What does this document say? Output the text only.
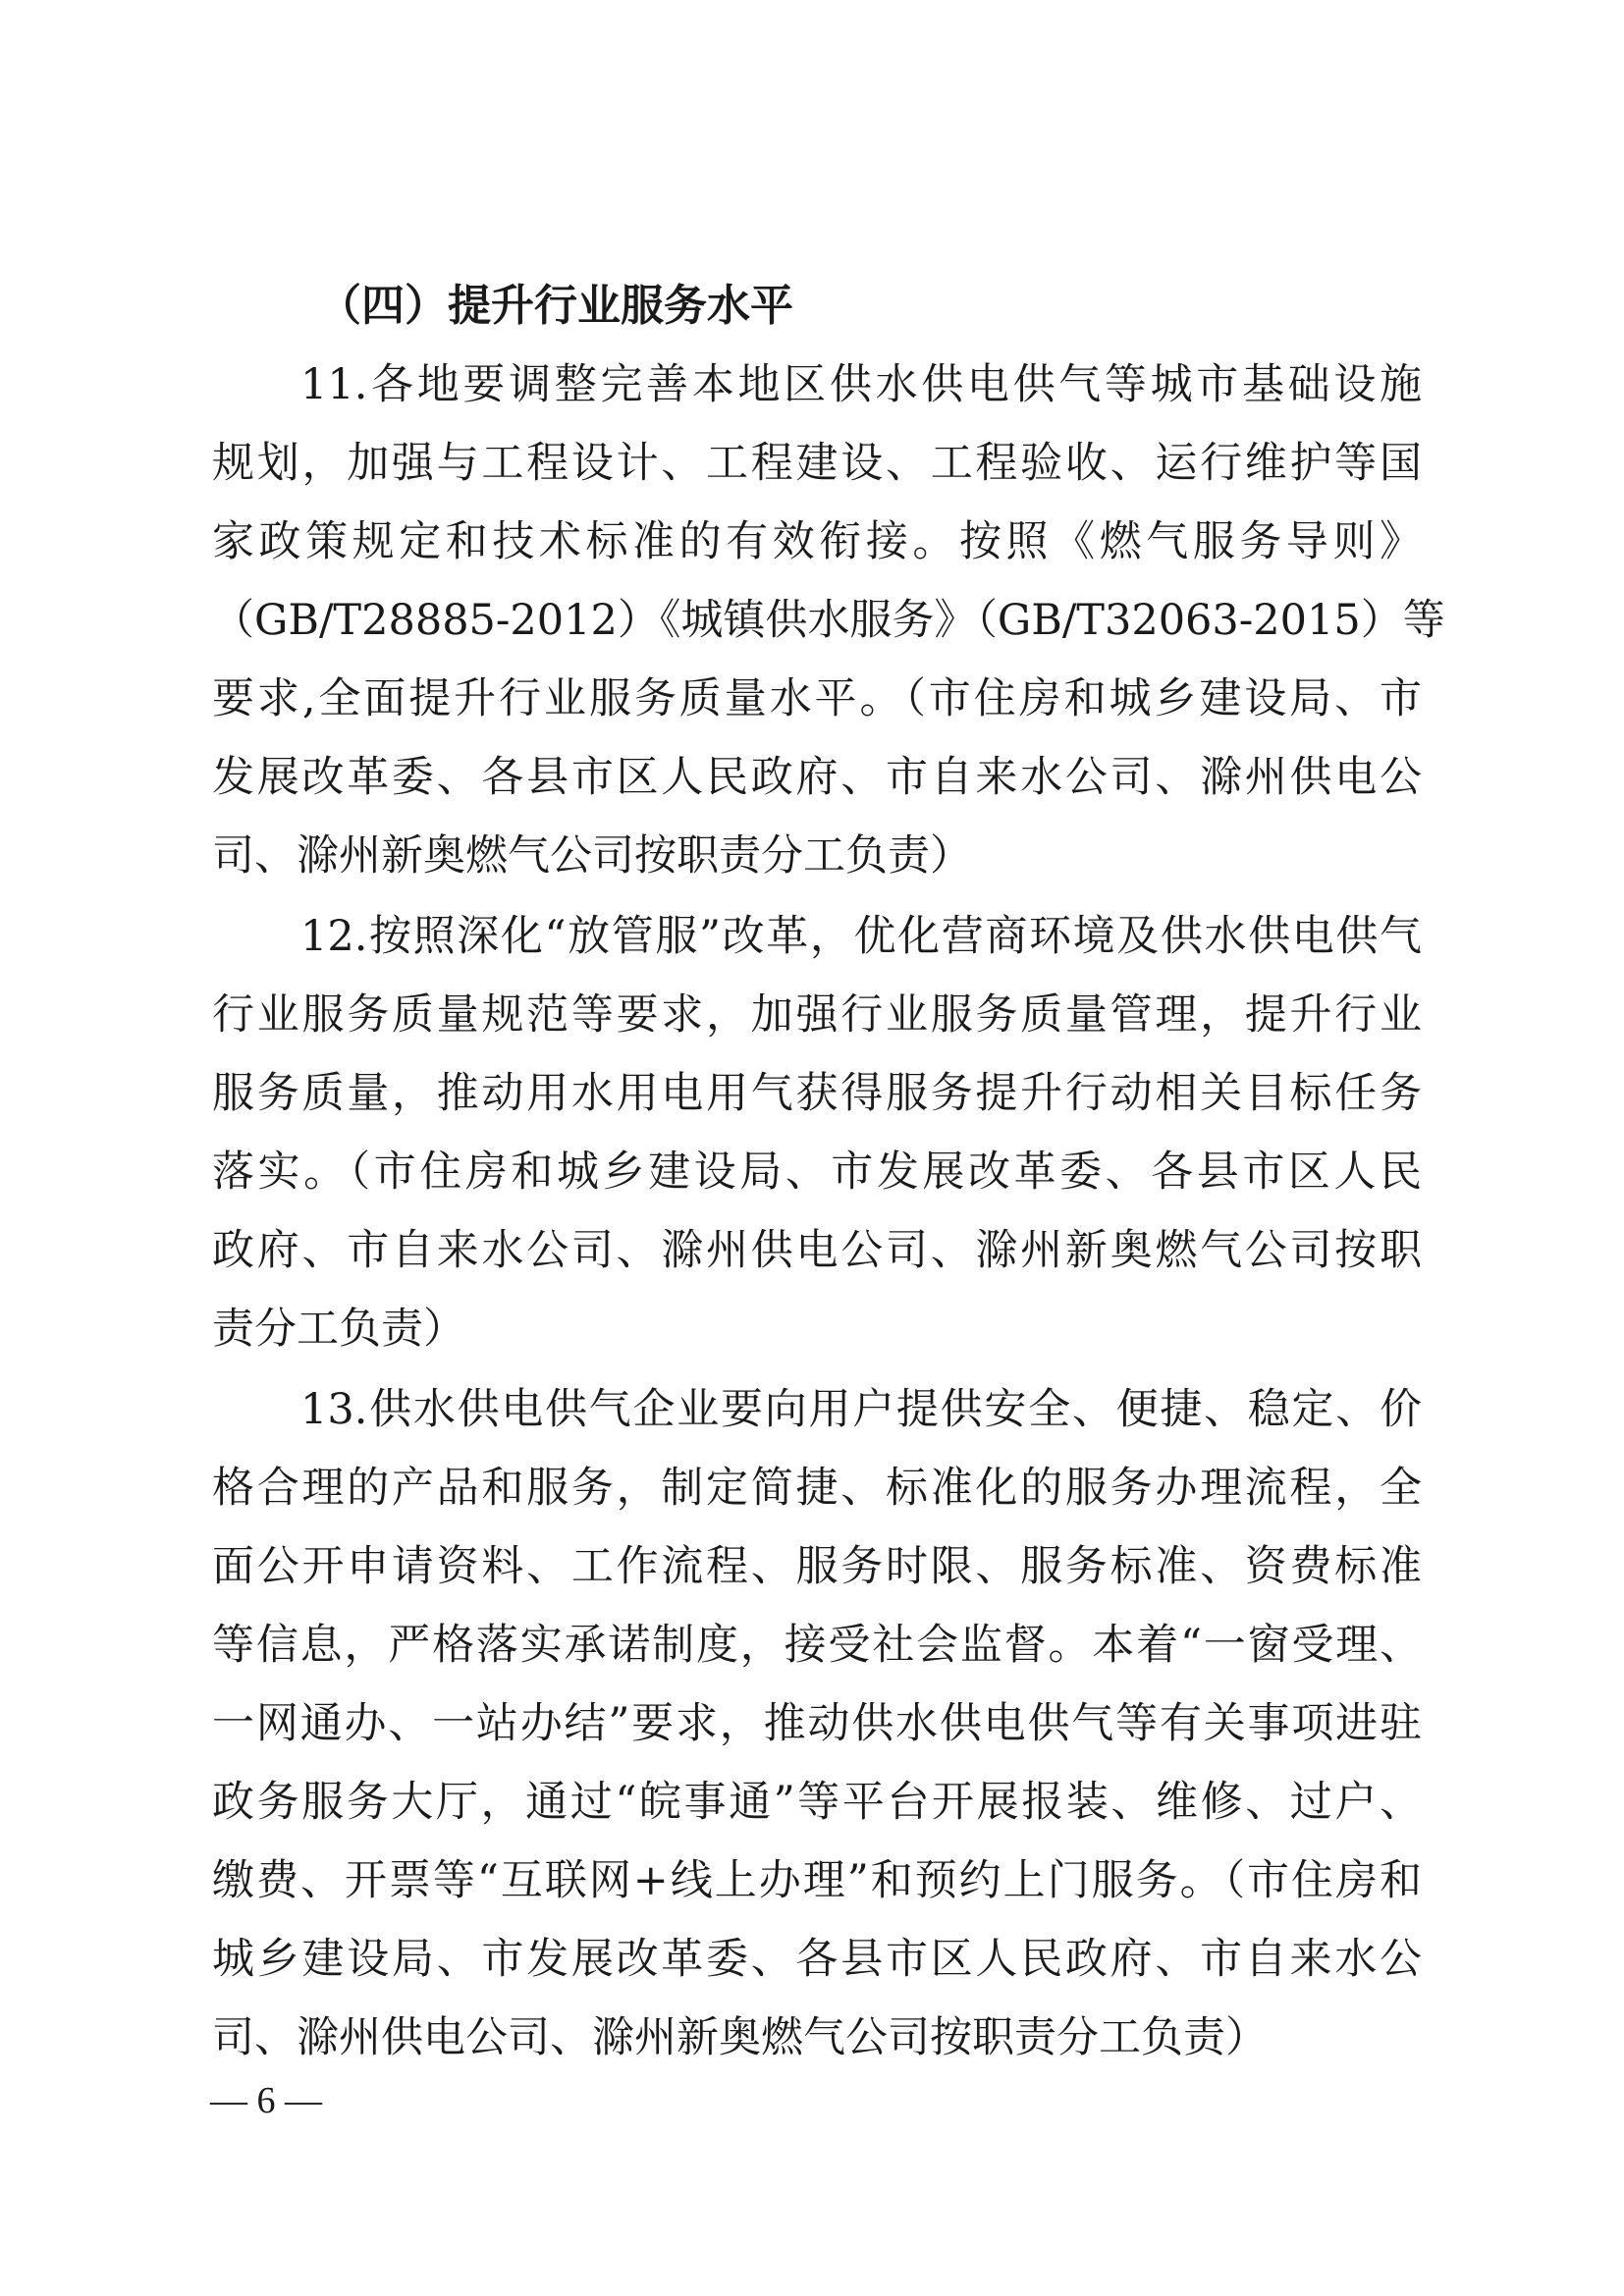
（四）提升行业服务水平
11.各地要调整完善本地区供水供电供气等城市基础设施
规划，加强与工程设计、工程建设、工程验收、运行维护等国
家政策规定和技术标准的有效衔接。按照《燃气服务导则》
（GB/T28885-2012）《城镇供水服务》（GB/T32063-2015）等
要求,全面提升行业服务质量水平。（市住房和城乡建设局、市
发展改革委、各县市区人民政府、市自来水公司、滁州供电公
司、滁州新奥燃气公司按职责分工负责）
12.按照深化“放管服”改革，优化营商环境及供水供电供气
行业服务质量规范等要求，加强行业服务质量管理，提升行业
服务质量，推动用水用电用气获得服务提升行动相关目标任务
落实。（市住房和城乡建设局、市发展改革委、各县市区人民
政府、市自来水公司、滁州供电公司、滁州新奥燃气公司按职
责分工负责）
13.供水供电供气企业要向用户提供安全、便捷、稳定、价
格合理的产品和服务，制定简捷、标准化的服务办理流程，全
面公开申请资料、工作流程、服务时限、服务标准、资费标准
等信息，严格落实承诺制度，接受社会监督。本着“一窗受理、
一网通办、一站办结”要求，推动供水供电供气等有关事项进驻
政务服务大厅，通过“皖事通”等平台开展报装、维修、过户、
缴费、开票等“互联网+线上办理”和预约上门服务。（市住房和
城乡建设局、市发展改革委、各县市区人民政府、市自来水公
司、滁州供电公司、滁州新奥燃气公司按职责分工负责）
— 6 —
